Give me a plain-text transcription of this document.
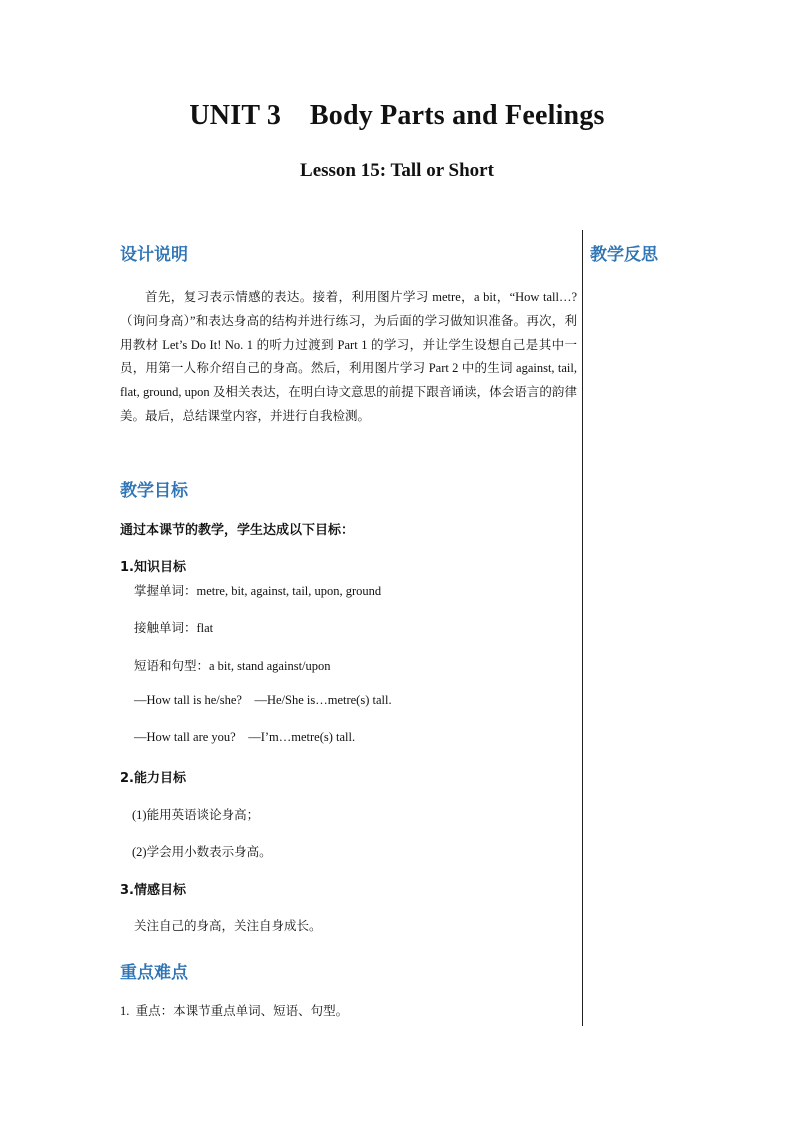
UNIT 3    Body Parts and Feelings
Lesson 15: Tall or Short
设计说明	教学反思
首先，复习表示情感的表达。接着，利用图片学习 metre，a bit，“How tall…? （询问身高）”和表达身高的结构并进行练习，为后面的学习做知识准备。再次，利用教材 Let’s Do It! No. 1 的听力过渡到 Part 1 的学习，并让学生设想自己是其中一员，用第一人称介绍自己的身高。然后，利用图片学习 Part 2 中的生词 against, tail, flat, ground, upon 及相关表达，在明白诗文意思的前提下跟音诵读，体会语言的韵律美。最后，总结课堂内容，并进行自我检测。
教学目标
通过本课节的教学，学生达成以下目标：
1.知识目标
掌握单词：metre, bit, against, tail, upon, ground
接触单词：flat
短语和句型：a bit, stand against/upon
—How tall is he/she?    —He/She is…metre(s) tall.
—How tall are you?    —I’m…metre(s) tall.
2.能力目标
(1)能用英语谈论身高；
(2)学会用小数表示身高。
3.情感目标
关注自己的身高，关注自身成长。
重点难点
1.  重点：本课节重点单词、短语、句型。
